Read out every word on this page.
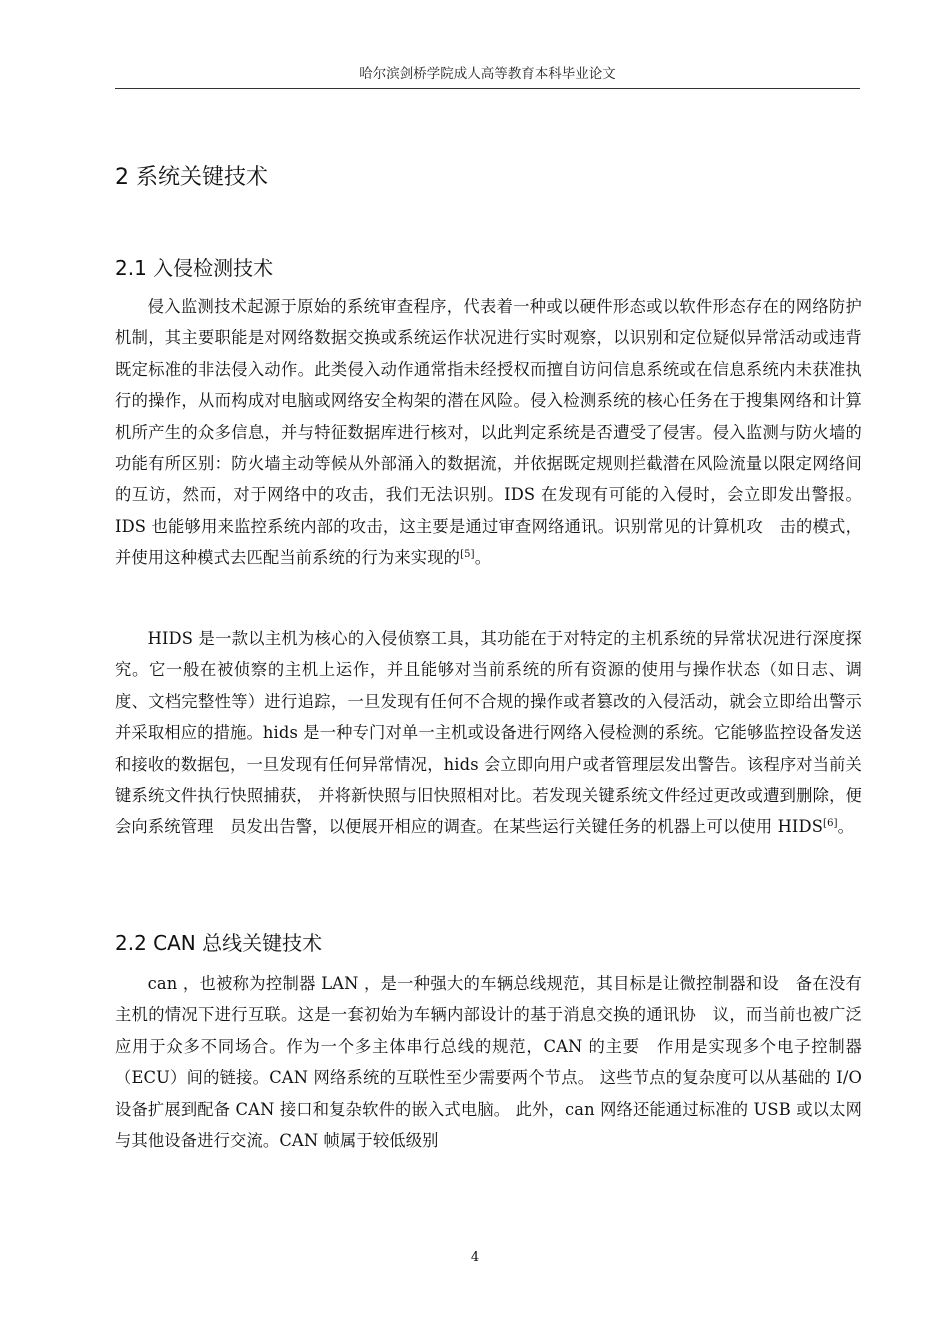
哈尔滨剑桥学院成人高等教育本科毕业论文
2 系统关键技术
2.1 入侵检测技术

侵入监测技术起源于原始的系统审查程序，代表着一种或以硬件形态或以软件形态存在的网络防护机制，其主要职能是对网络数据交换或系统运作状况进行实时观察，以识别和定位疑似异常活动或违背既定标准的非法侵入动作。此类侵入动作通常指未经授权而擅自访问信息系统或在信息系统内未获准执行的操作，从而构成对电脑或网络安全构架的潜在风险。侵入检测系统的核心任务在于搜集网络和计算机所产生的众多信息，并与特征数据库进行核对，以此判定系统是否遭受了侵害。侵入监测与防火墙的功能有所区别：防火墙主动等候从外部涌入的数据流，并依据既定规则拦截潜在风险流量以限定网络间的互访，然而，对于网络中的攻击，我们无法识别。IDS 在发现有可能的入侵时，会立即发出警报。 IDS 也能够用来监控系统内部的攻击，这主要是通过审查网络通讯。识别常见的计算机攻　击的模式，并使用这种模式去匹配当前系统的行为来实现的[5]。

HIDS 是一款以主机为核心的入侵侦察工具，其功能在于对特定的主机系统的异常状况进行深度探究。它一般在被侦察的主机上运作，并且能够对当前系统的所有资源的使用与操作状态（如日志、调度、文档完整性等）进行追踪，一旦发现有任何不合规的操作或者篡改的入侵活动，就会立即给出警示并采取相应的措施。hids 是一种专门对单一主机或设备进行网络入侵检测的系统。它能够监控设备发送和接收的数据包，一旦发现有任何异常情况，hids 会立即向用户或者管理层发出警告。该程序对当前关键系统文件执行快照捕获， 并将新快照与旧快照相对比。若发现关键系统文件经过更改或遭到删除，便会向系统管理　员发出告警，以便展开相应的调查。在某些运行关键任务的机器上可以使用 HIDS[6]。

2.2 CAN 总线关键技术

can ，也被称为控制器 LAN ，是一种强大的车辆总线规范，其目标是让微控制器和设　备在没有主机的情况下进行互联。这是一套初始为车辆内部设计的基于消息交换的通讯协　议，而当前也被广泛应用于众多不同场合。作为一个多主体串行总线的规范，CAN 的主要　作用是实现多个电子控制器（ECU）间的链接。CAN 网络系统的互联性至少需要两个节点。 这些节点的复杂度可以从基础的 I/O 设备扩展到配备 CAN 接口和复杂软件的嵌入式电脑。 此外，can 网络还能通过标准的 USB 或以太网与其他设备进行交流。CAN 帧属于较低级别

4
